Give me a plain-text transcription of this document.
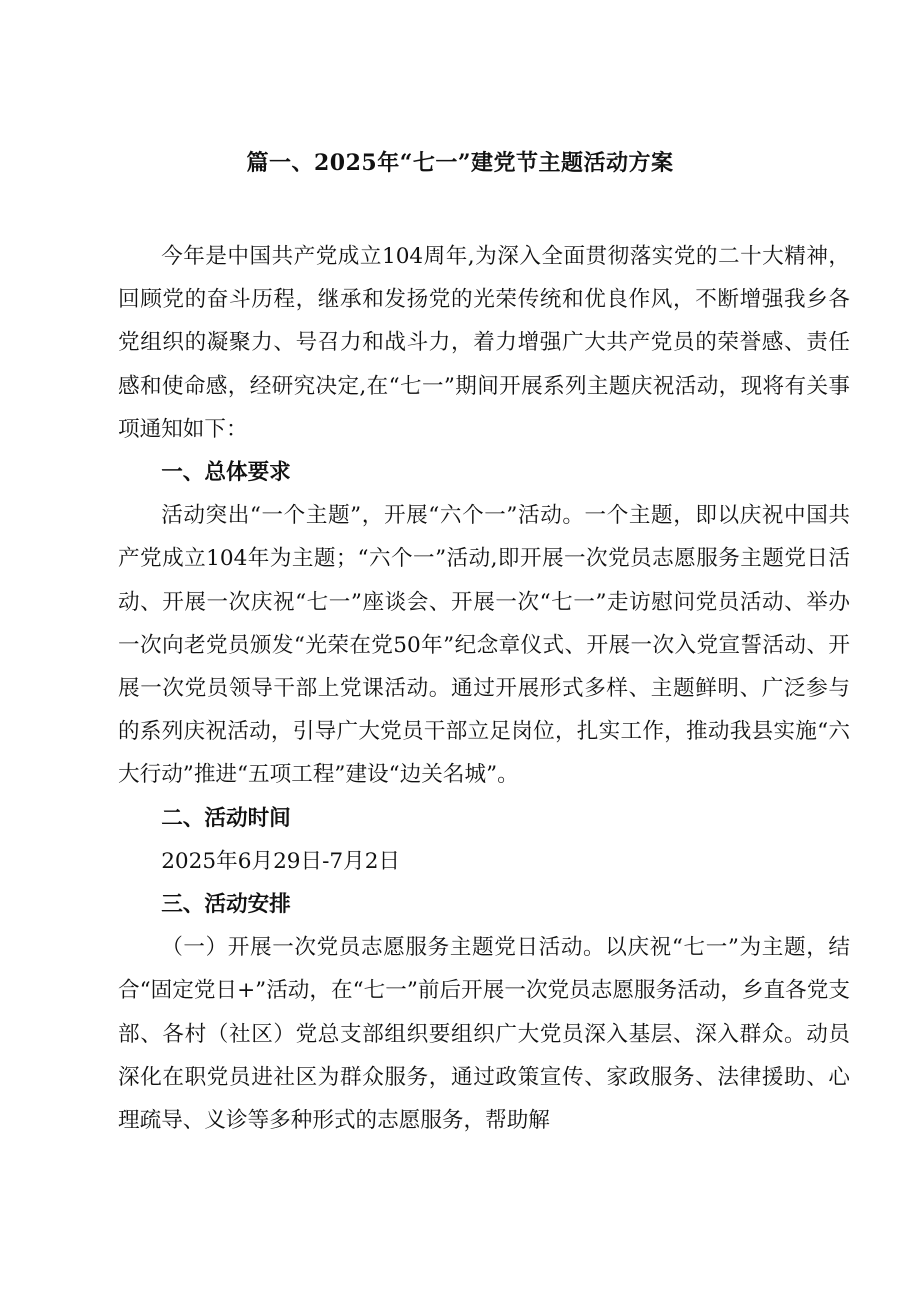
篇一、2025年“七一”建党节主题活动方案

今年是中国共产党成立104周年,为深入全面贯彻落实党的二十大精神，回顾党的奋斗历程，继承和发扬党的光荣传统和优良作风，不断增强我乡各党组织的凝聚力、号召力和战斗力，着力增强广大共产党员的荣誉感、责任感和使命感，经研究决定,在“七一”期间开展系列主题庆祝活动，现将有关事项通知如下：

一、总体要求

活动突出“一个主题”，开展“六个一”活动。一个主题，即以庆祝中国共产党成立104年为主题；“六个一”活动,即开展一次党员志愿服务主题党日活动、开展一次庆祝“七一”座谈会、开展一次“七一”走访慰问党员活动、举办一次向老党员颁发“光荣在党50年”纪念章仪式、开展一次入党宣誓活动、开展一次党员领导干部上党课活动。通过开展形式多样、主题鲜明、广泛参与的系列庆祝活动，引导广大党员干部立足岗位，扎实工作，推动我县实施“六大行动”推进“五项工程”建设“边关名城”。

二、活动时间

2025年6月29日-7月2日

三、活动安排

（一）开展一次党员志愿服务主题党日活动。以庆祝“七一”为主题，结合“固定党日+”活动，在“七一”前后开展一次党员志愿服务活动，乡直各党支部、各村（社区）党总支部组织要组织广大党员深入基层、深入群众。动员深化在职党员进社区为群众服务，通过政策宣传、家政服务、法律援助、心理疏导、义诊等多种形式的志愿服务，帮助解
